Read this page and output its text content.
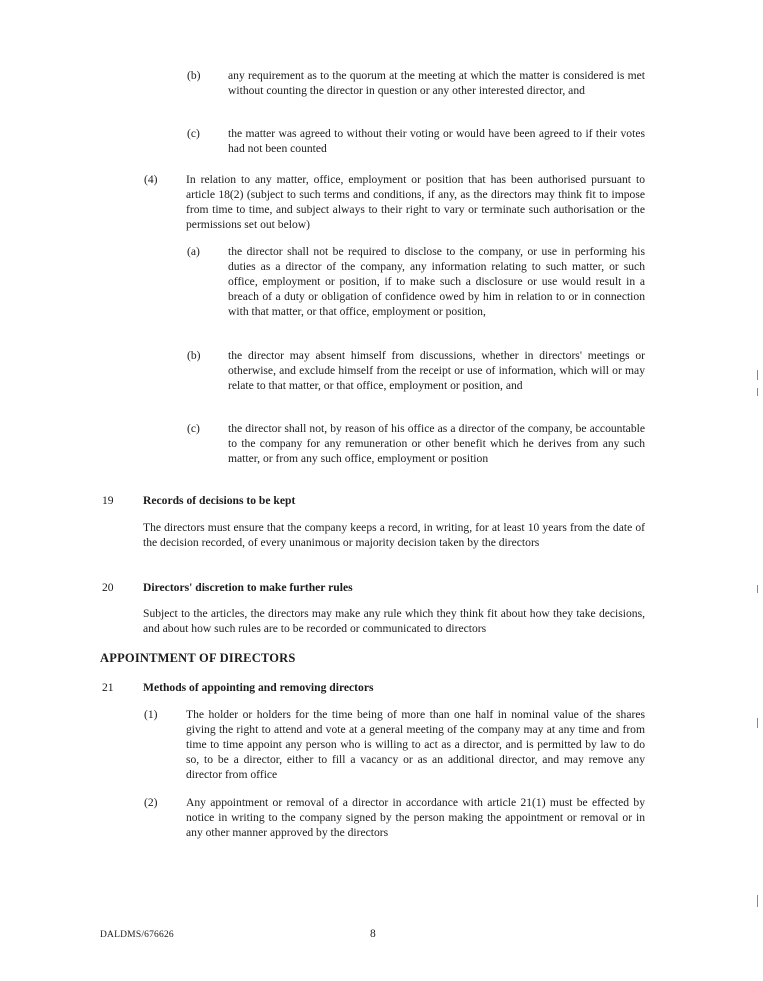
(b) any requirement as to the quorum at the meeting at which the matter is considered is met without counting the director in question or any other interested director, and
(c) the matter was agreed to without their voting or would have been agreed to if their votes had not been counted
(4) In relation to any matter, office, employment or position that has been authorised pursuant to article 18(2) (subject to such terms and conditions, if any, as the directors may think fit to impose from time to time, and subject always to their right to vary or terminate such authorisation or the permissions set out below)
(a) the director shall not be required to disclose to the company, or use in performing his duties as a director of the company, any information relating to such matter, or such office, employment or position, if to make such a disclosure or use would result in a breach of a duty or obligation of confidence owed by him in relation to or in connection with that matter, or that office, employment or position,
(b) the director may absent himself from discussions, whether in directors' meetings or otherwise, and exclude himself from the receipt or use of information, which will or may relate to that matter, or that office, employment or position, and
(c) the director shall not, by reason of his office as a director of the company, be accountable to the company for any remuneration or other benefit which he derives from any such matter, or from any such office, employment or position
19	Records of decisions to be kept
The directors must ensure that the company keeps a record, in writing, for at least 10 years from the date of the decision recorded, of every unanimous or majority decision taken by the directors
20	Directors' discretion to make further rules
Subject to the articles, the directors may make any rule which they think fit about how they take decisions, and about how such rules are to be recorded or communicated to directors
APPOINTMENT OF DIRECTORS
21	Methods of appointing and removing directors
(1) The holder or holders for the time being of more than one half in nominal value of the shares giving the right to attend and vote at a general meeting of the company may at any time and from time to time appoint any person who is willing to act as a director, and is permitted by law to do so, to be a director, either to fill a vacancy or as an additional director, and may remove any director from office
(2) Any appointment or removal of a director in accordance with article 21(1) must be effected by notice in writing to the company signed by the person making the appointment or removal or in any other manner approved by the directors
DALDMS/676626	8
